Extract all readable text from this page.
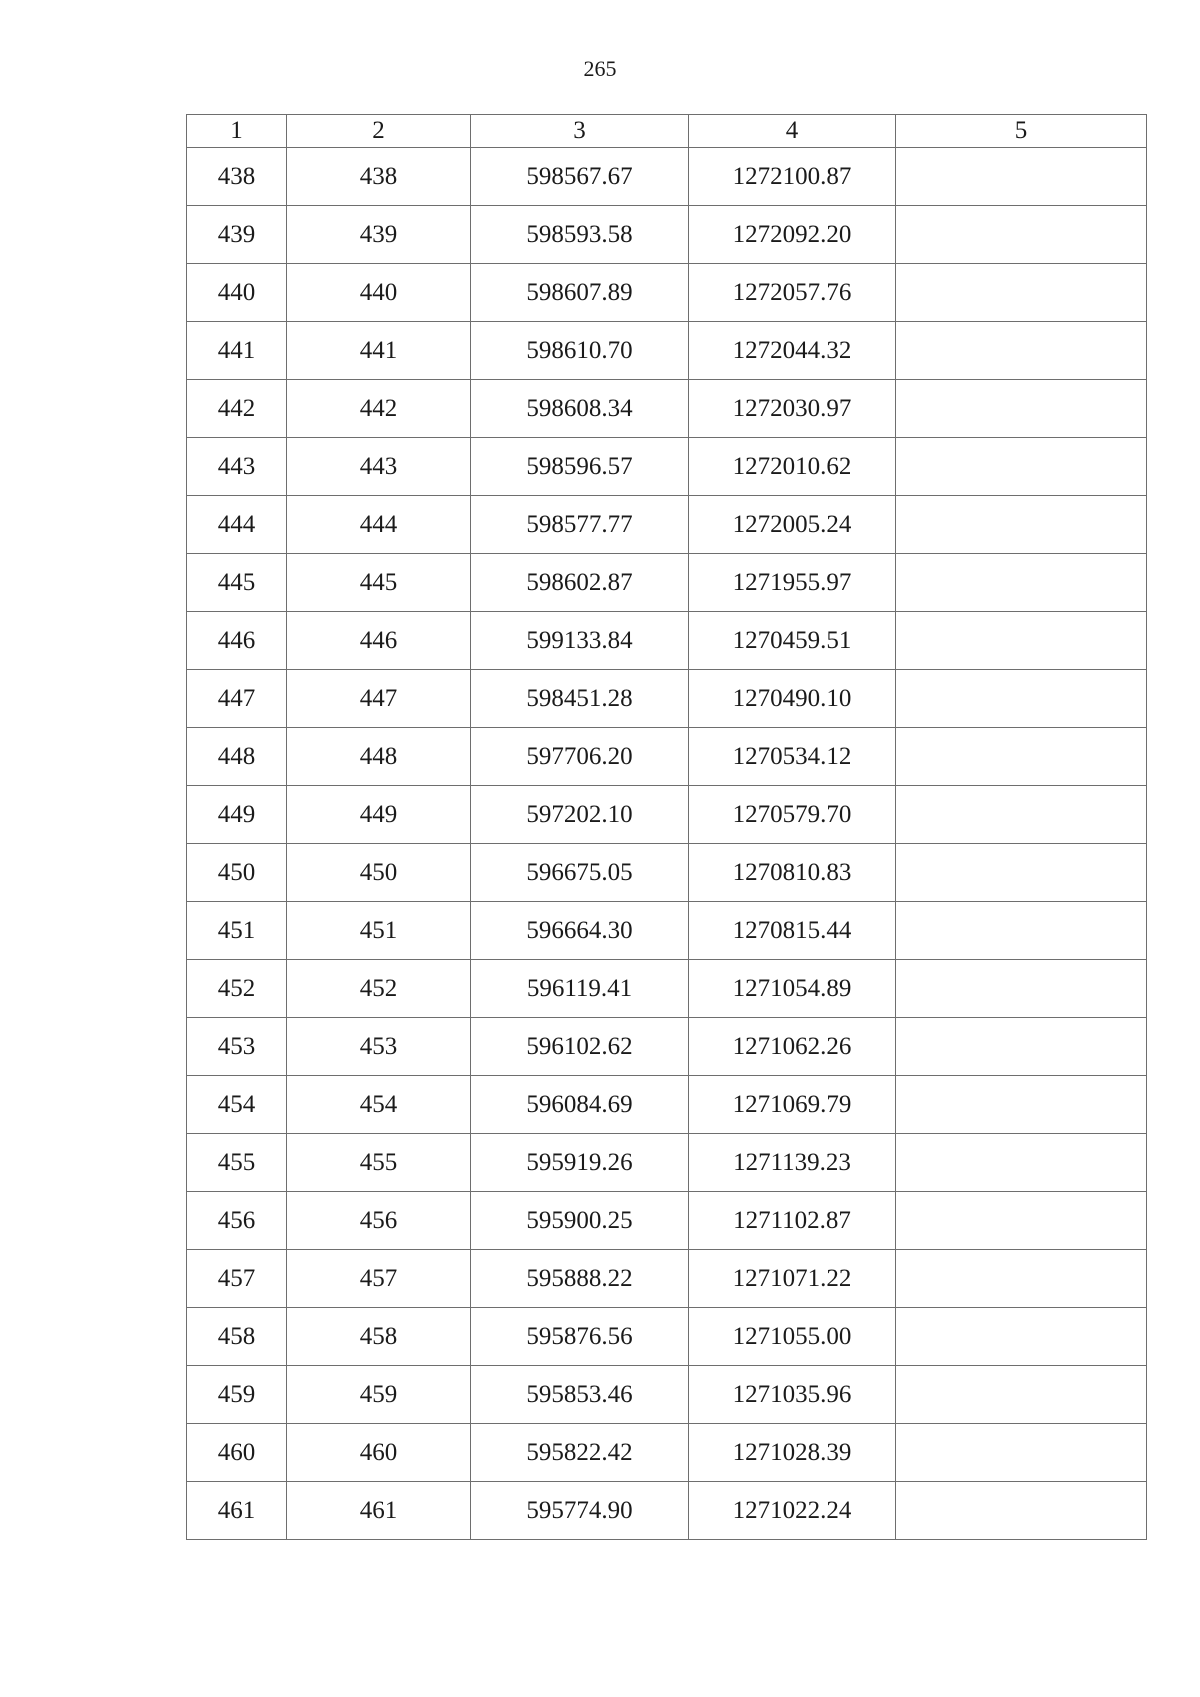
265
1	2	3	4	5
438	438	598567.67	1272100.87	
439	439	598593.58	1272092.20	
440	440	598607.89	1272057.76	
441	441	598610.70	1272044.32	
442	442	598608.34	1272030.97	
443	443	598596.57	1272010.62	
444	444	598577.77	1272005.24	
445	445	598602.87	1271955.97	
446	446	599133.84	1270459.51	
447	447	598451.28	1270490.10	
448	448	597706.20	1270534.12	
449	449	597202.10	1270579.70	
450	450	596675.05	1270810.83	
451	451	596664.30	1270815.44	
452	452	596119.41	1271054.89	
453	453	596102.62	1271062.26	
454	454	596084.69	1271069.79	
455	455	595919.26	1271139.23	
456	456	595900.25	1271102.87	
457	457	595888.22	1271071.22	
458	458	595876.56	1271055.00	
459	459	595853.46	1271035.96	
460	460	595822.42	1271028.39	
461	461	595774.90	1271022.24	
